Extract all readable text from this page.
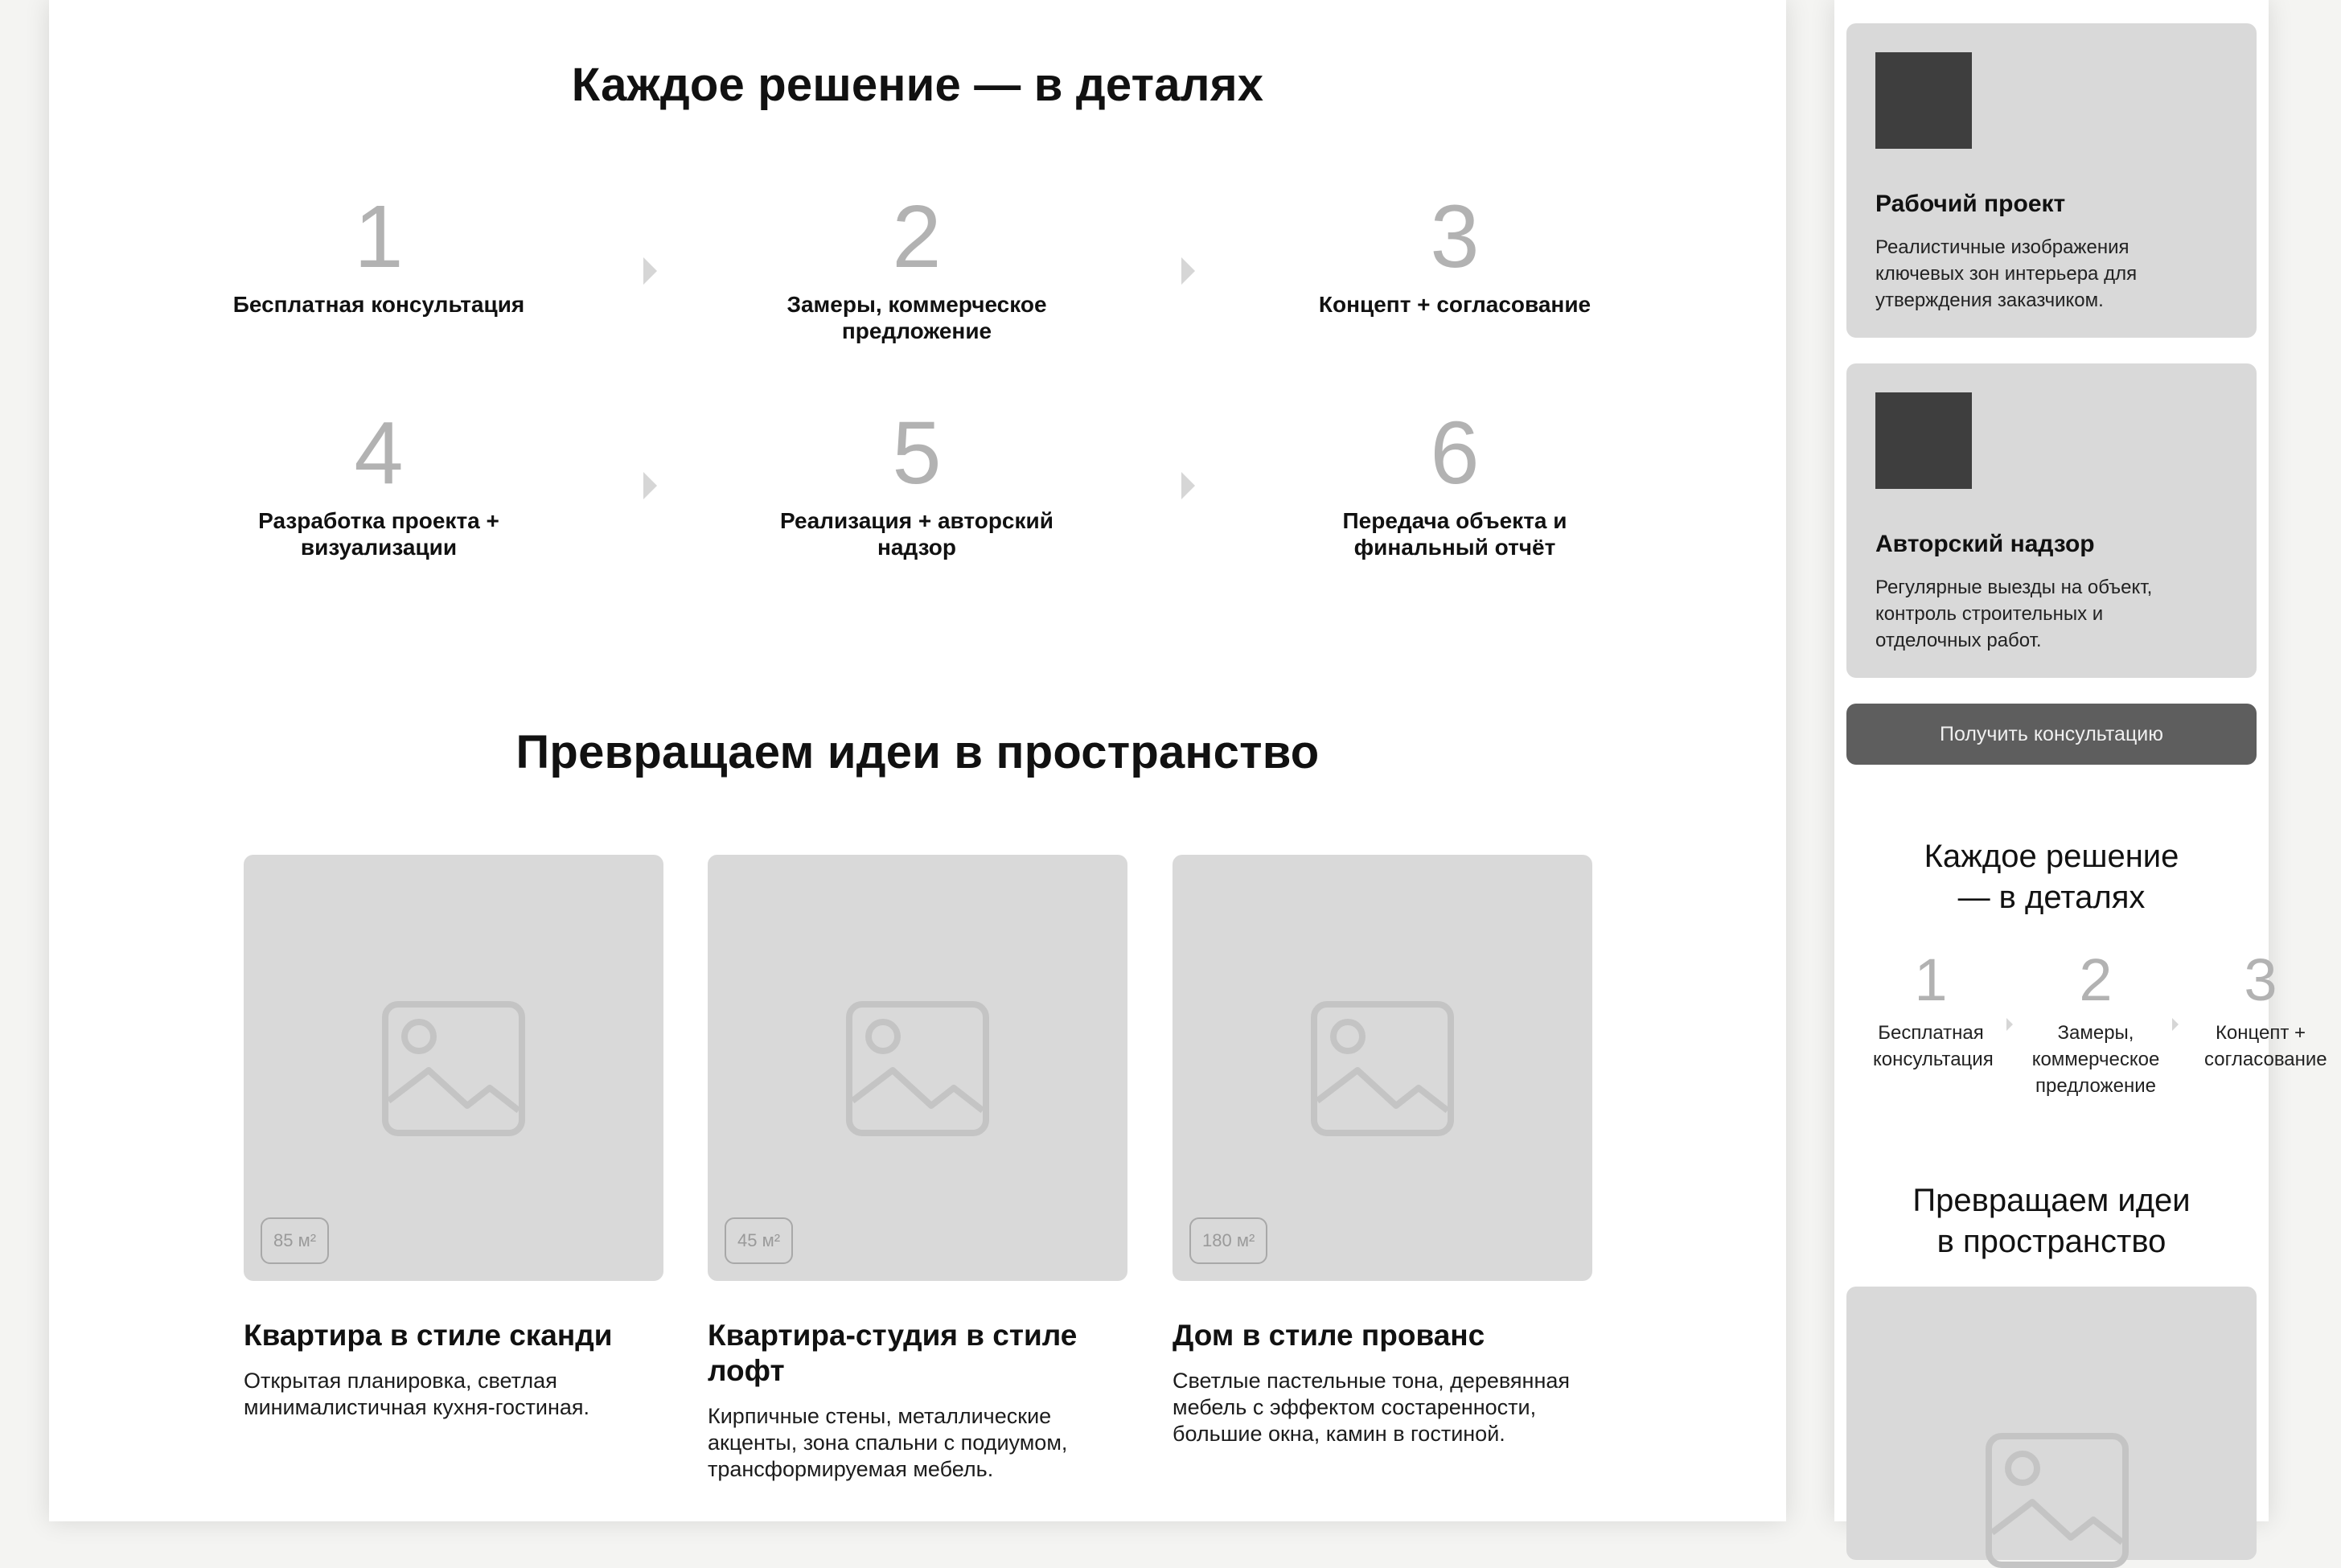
Каждое решение — в деталях
1
Бесплатная консультация
2
Замеры, коммерческое предложение
3
Концепт + согласование
4
Разработка проекта + визуализации
5
Реализация + авторский надзор
6
Передача объекта и финальный отчёт
Превращаем идеи в пространство
85 м²
Квартира в стиле сканди
Открытая планировка, светлая минималистичная кухня-гостиная.
45 м²
Квартира-студия в стиле лофт
Кирпичные стены, металлические акценты, зона спальни с подиумом, трансформируемая мебель.
180 м²
Дом в стиле прованс
Светлые пастельные тона, деревянная мебель с эффектом состаренности, большие окна, камин в гостиной.
Рабочий проект
Реалистичные изображения ключевых зон интерьера для утверждения заказчиком.
Авторский надзор
Регулярные выезды на объект, контроль строительных и отделочных работ.
Получить консультацию
Каждое решение — в деталях
1
Бесплатная консультация
2
Замеры, коммерческое предложение
3
Концепт + согласование
Превращаем идеи в пространство
